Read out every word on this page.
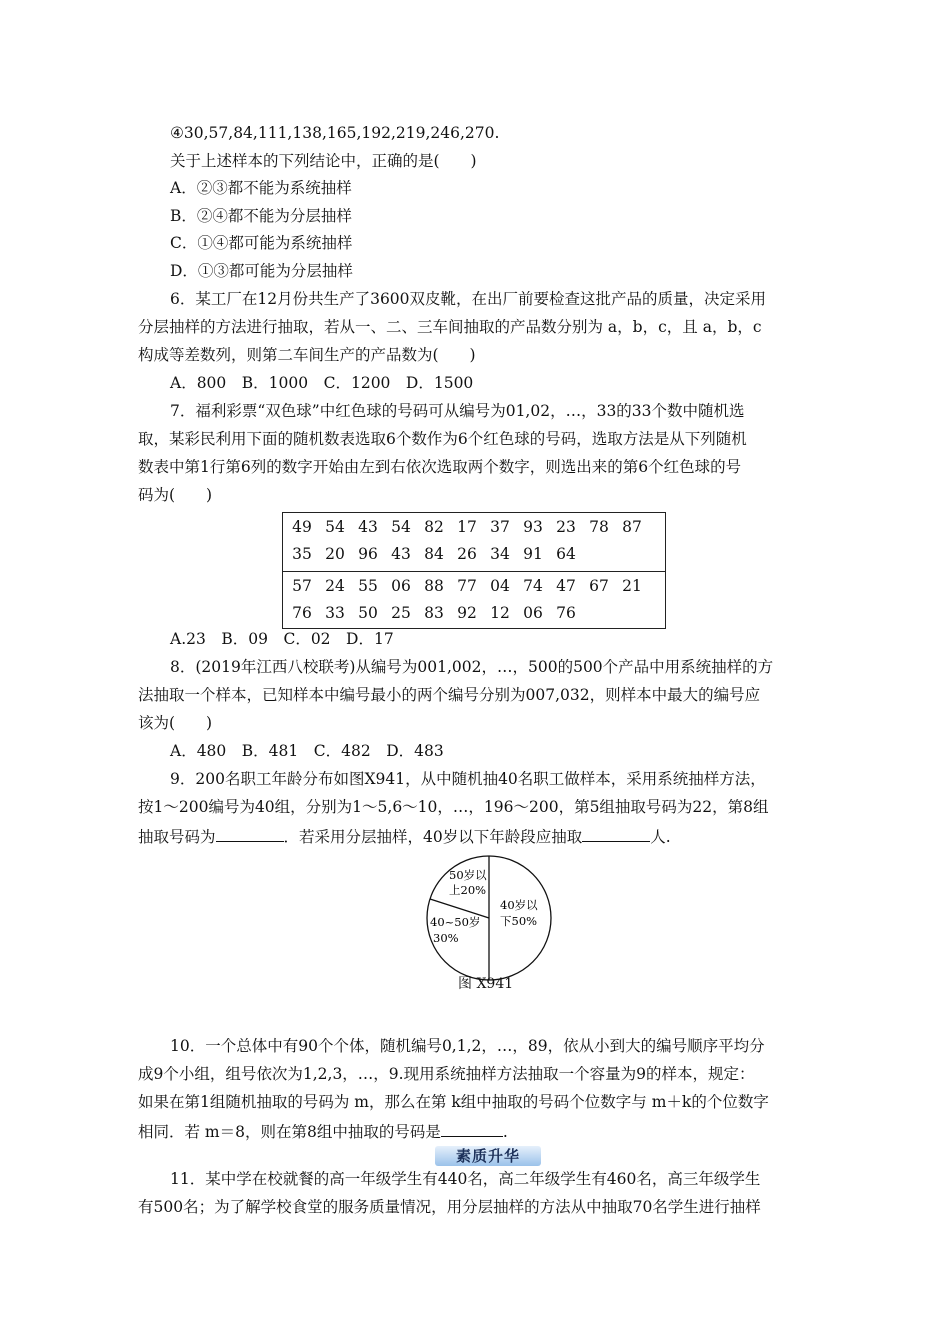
④30,57,84,111,138,165,192,219,246,270.
关于上述样本的下列结论中，正确的是(　　)
A．②③都不能为系统抽样
B．②④都不能为分层抽样
C．①④都可能为系统抽样
D．①③都可能为分层抽样
6．某工厂在12月份共生产了3600双皮靴，在出厂前要检查这批产品的质量，决定采用
分层抽样的方法进行抽取，若从一、二、三车间抽取的产品数分别为 a，b，c，且 a，b，c
构成等差数列，则第二车间生产的产品数为(　　)
A．800　B．1000　C．1200　D．1500
7．福利彩票“双色球”中红色球的号码可从编号为01,02，…，33的33个数中随机选
取，某彩民利用下面的随机数表选取6个数作为6个红色球的号码，选取方法是从下列随机
数表中第1行第6列的数字开始由左到右依次选取两个数字，则选出来的第6个红色球的号
码为(　　)
49 54 43 54 82 17 37 93 23 78 87
35 20 96 43 84 26 34 91 64
57 24 55 06 88 77 04 74 47 67 21
76 33 50 25 83 92 12 06 76
A.23　B．09　C．02　D．17
8．(2019年江西八校联考)从编号为001,002，…，500的500个产品中用系统抽样的方
法抽取一个样本，已知样本中编号最小的两个编号分别为007,032，则样本中最大的编号应
该为(　　)
A．480　B．481　C．482　D．483
9．200名职工年龄分布如图X941，从中随机抽40名职工做样本，采用系统抽样方法，
按1～200编号为40组，分别为1～5,6～10，…，196～200，第5组抽取号码为22，第8组
抽取号码为	．若采用分层抽样，40岁以下年龄段应抽取	人.
40岁以
下50%
50岁以
上20%
40~50岁
30%
图 X941
10．一个总体中有90个个体，随机编号0,1,2，…，89，依从小到大的编号顺序平均分
成9个小组，组号依次为1,2,3，…，9.现用系统抽样方法抽取一个容量为9的样本，规定：
如果在第1组随机抽取的号码为 m，那么在第 k组中抽取的号码个位数字与 m＋k的个位数字
相同．若 m＝8，则在第8组中抽取的号码是	.
素质升华
11．某中学在校就餐的高一年级学生有440名，高二年级学生有460名，高三年级学生
有500名；为了解学校食堂的服务质量情况，用分层抽样的方法从中抽取70名学生进行抽样
